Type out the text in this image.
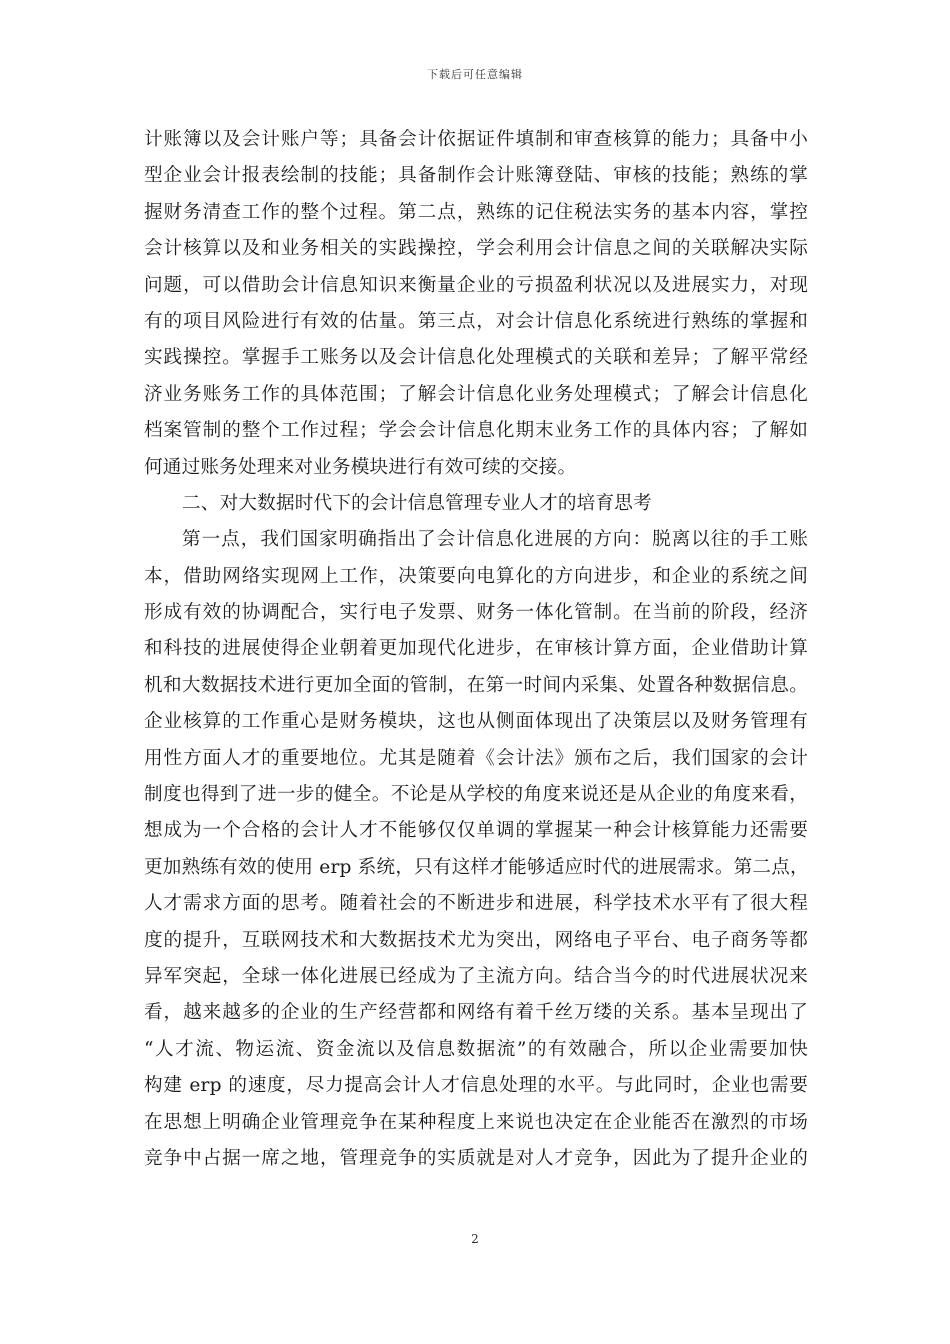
下载后可任意编辑
计账簿以及会计账户等；具备会计依据证件填制和审查核算的能力；具备中小
型企业会计报表绘制的技能；具备制作会计账簿登陆、审核的技能；熟练的掌
握财务清查工作的整个过程。第二点，熟练的记住税法实务的基本内容，掌控
会计核算以及和业务相关的实践操控，学会利用会计信息之间的关联解决实际
问题，可以借助会计信息知识来衡量企业的亏损盈利状况以及进展实力，对现
有的项目风险进行有效的估量。第三点，对会计信息化系统进行熟练的掌握和
实践操控。掌握手工账务以及会计信息化处理模式的关联和差异；了解平常经
济业务账务工作的具体范围；了解会计信息化业务处理模式；了解会计信息化
档案管制的整个工作过程；学会会计信息化期末业务工作的具体内容；了解如
何通过账务处理来对业务模块进行有效可续的交接。
二、对大数据时代下的会计信息管理专业人才的培育思考
第一点，我们国家明确指出了会计信息化进展的方向：脱离以往的手工账
本，借助网络实现网上工作，决策要向电算化的方向进步，和企业的系统之间
形成有效的协调配合，实行电子发票、财务一体化管制。在当前的阶段，经济
和科技的进展使得企业朝着更加现代化进步，在审核计算方面，企业借助计算
机和大数据技术进行更加全面的管制，在第一时间内采集、处置各种数据信息。
企业核算的工作重心是财务模块，这也从侧面体现出了决策层以及财务管理有
用性方面人才的重要地位。尤其是随着《会计法》颁布之后，我们国家的会计
制度也得到了进一步的健全。不论是从学校的角度来说还是从企业的角度来看，
想成为一个合格的会计人才不能够仅仅单调的掌握某一种会计核算能力还需要
更加熟练有效的使用 erp 系统，只有这样才能够适应时代的进展需求。第二点，
人才需求方面的思考。随着社会的不断进步和进展，科学技术水平有了很大程
度的提升，互联网技术和大数据技术尤为突出，网络电子平台、电子商务等都
异军突起，全球一体化进展已经成为了主流方向。结合当今的时代进展状况来
看，越来越多的企业的生产经营都和网络有着千丝万缕的关系。基本呈现出了
“人才流、物运流、资金流以及信息数据流”的有效融合，所以企业需要加快
构建 erp 的速度，尽力提高会计人才信息处理的水平。与此同时，企业也需要
在思想上明确企业管理竞争在某种程度上来说也决定在企业能否在激烈的市场
竞争中占据一席之地，管理竞争的实质就是对人才竞争，因此为了提升企业的
2
